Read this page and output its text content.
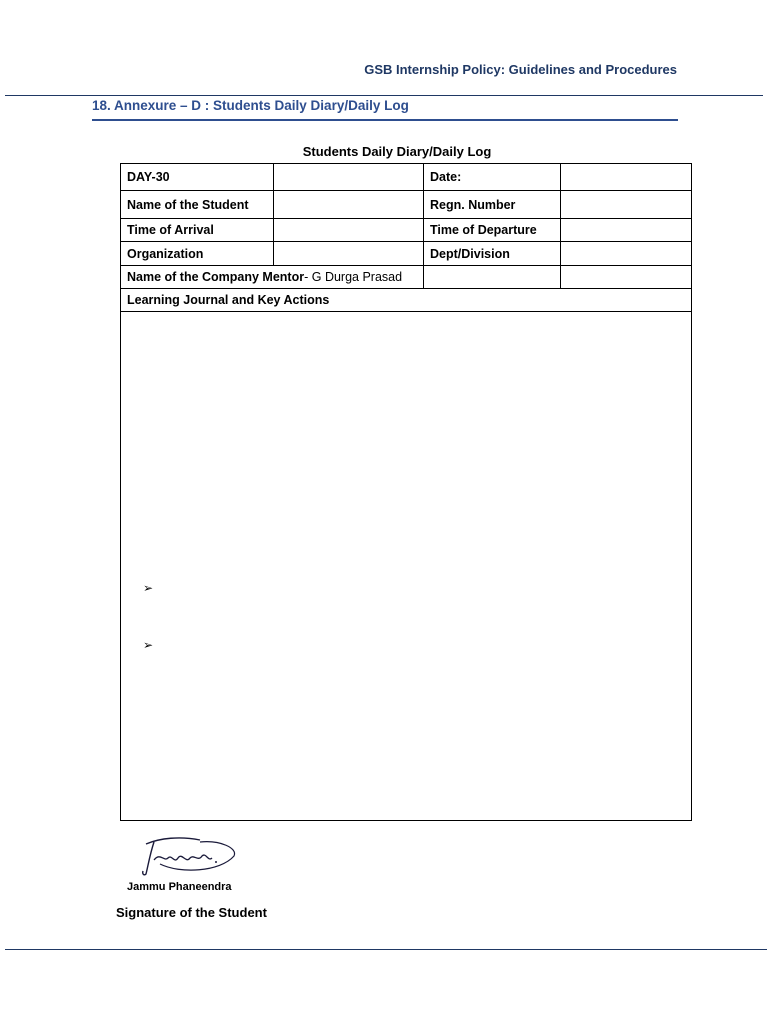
GSB Internship Policy: Guidelines and Procedures
18. Annexure – D : Students Daily Diary/Daily Log
Students Daily Diary/Daily Log
DAY-30		Date:	
Name of the Student		Regn. Number	
Time of Arrival		Time of Departure	
Organization		Dept/Division	
Name of the Company Mentor- G Durga Prasad			
Learning Journal and Key Actions			

➢
➢			
Jammu Phaneendra
Signature of the Student
